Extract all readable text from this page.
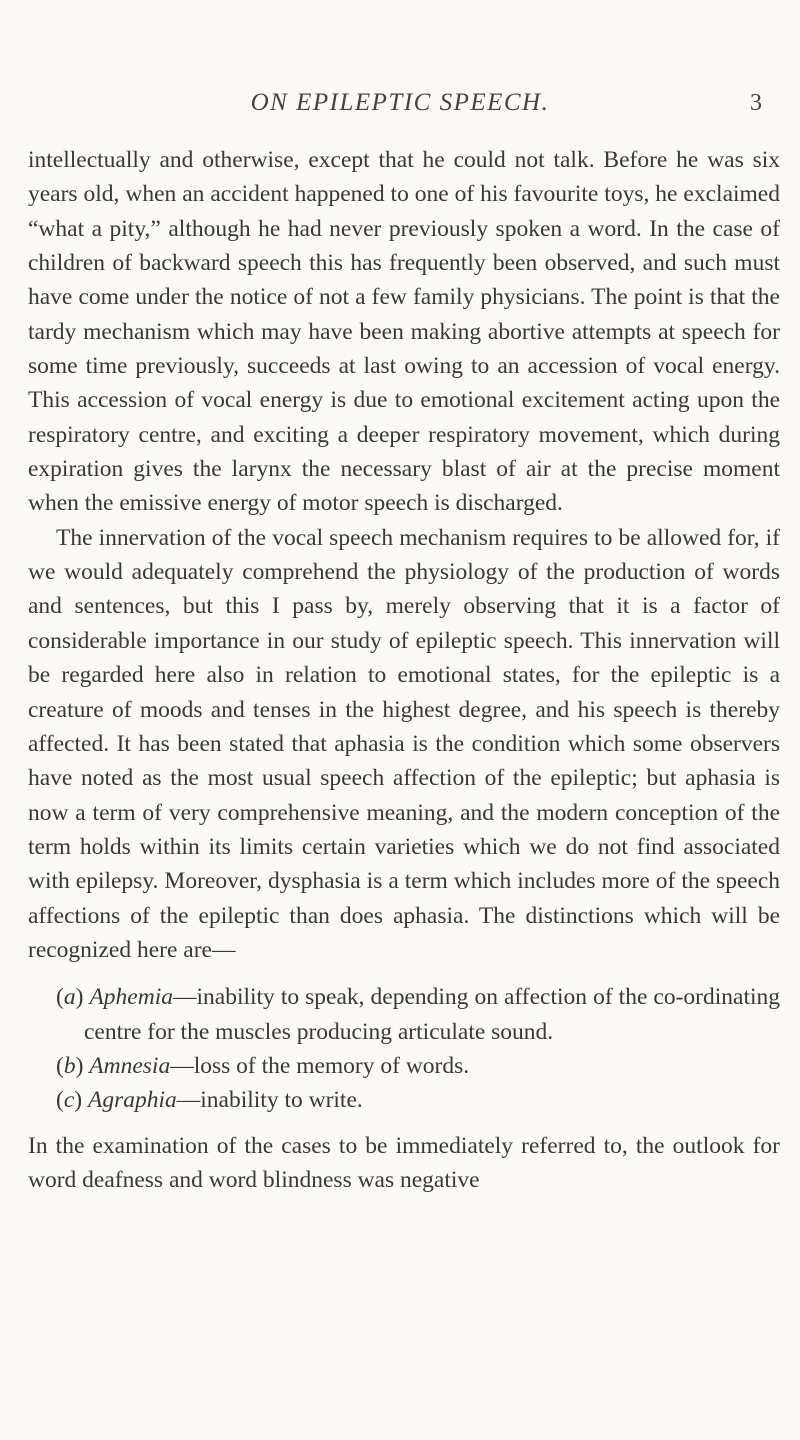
ON EPILEPTIC SPEECH.	3

intellectually and otherwise, except that he could not talk. Before he was six years old, when an accident happened to one of his favourite toys, he exclaimed “what a pity,” although he had never previously spoken a word. In the case of children of backward speech this has frequently been observed, and such must have come under the notice of not a few family physicians. The point is that the tardy mechanism which may have been making abortive attempts at speech for some time previously, succeeds at last owing to an accession of vocal energy. This accession of vocal energy is due to emotional excitement acting upon the respiratory centre, and exciting a deeper respiratory movement, which during expiration gives the larynx the necessary blast of air at the precise moment when the emissive energy of motor speech is discharged.

The innervation of the vocal speech mechanism requires to be allowed for, if we would adequately comprehend the physiology of the production of words and sentences, but this I pass by, merely observing that it is a factor of considerable importance in our study of epileptic speech. This innervation will be regarded here also in relation to emotional states, for the epileptic is a creature of moods and tenses in the highest degree, and his speech is thereby affected. It has been stated that aphasia is the condition which some observers have noted as the most usual speech affection of the epileptic; but aphasia is now a term of very comprehensive meaning, and the modern conception of the term holds within its limits certain varieties which we do not find associated with epilepsy. Moreover, dysphasia is a term which includes more of the speech affections of the epileptic than does aphasia. The distinctions which will be recognized here are—

(a) Aphemia—inability to speak, depending on affection of the co-ordinating centre for the muscles producing articulate sound.
(b) Amnesia—loss of the memory of words.
(c) Agraphia—inability to write.

In the examination of the cases to be immediately referred to, the outlook for word deafness and word blindness was negative
